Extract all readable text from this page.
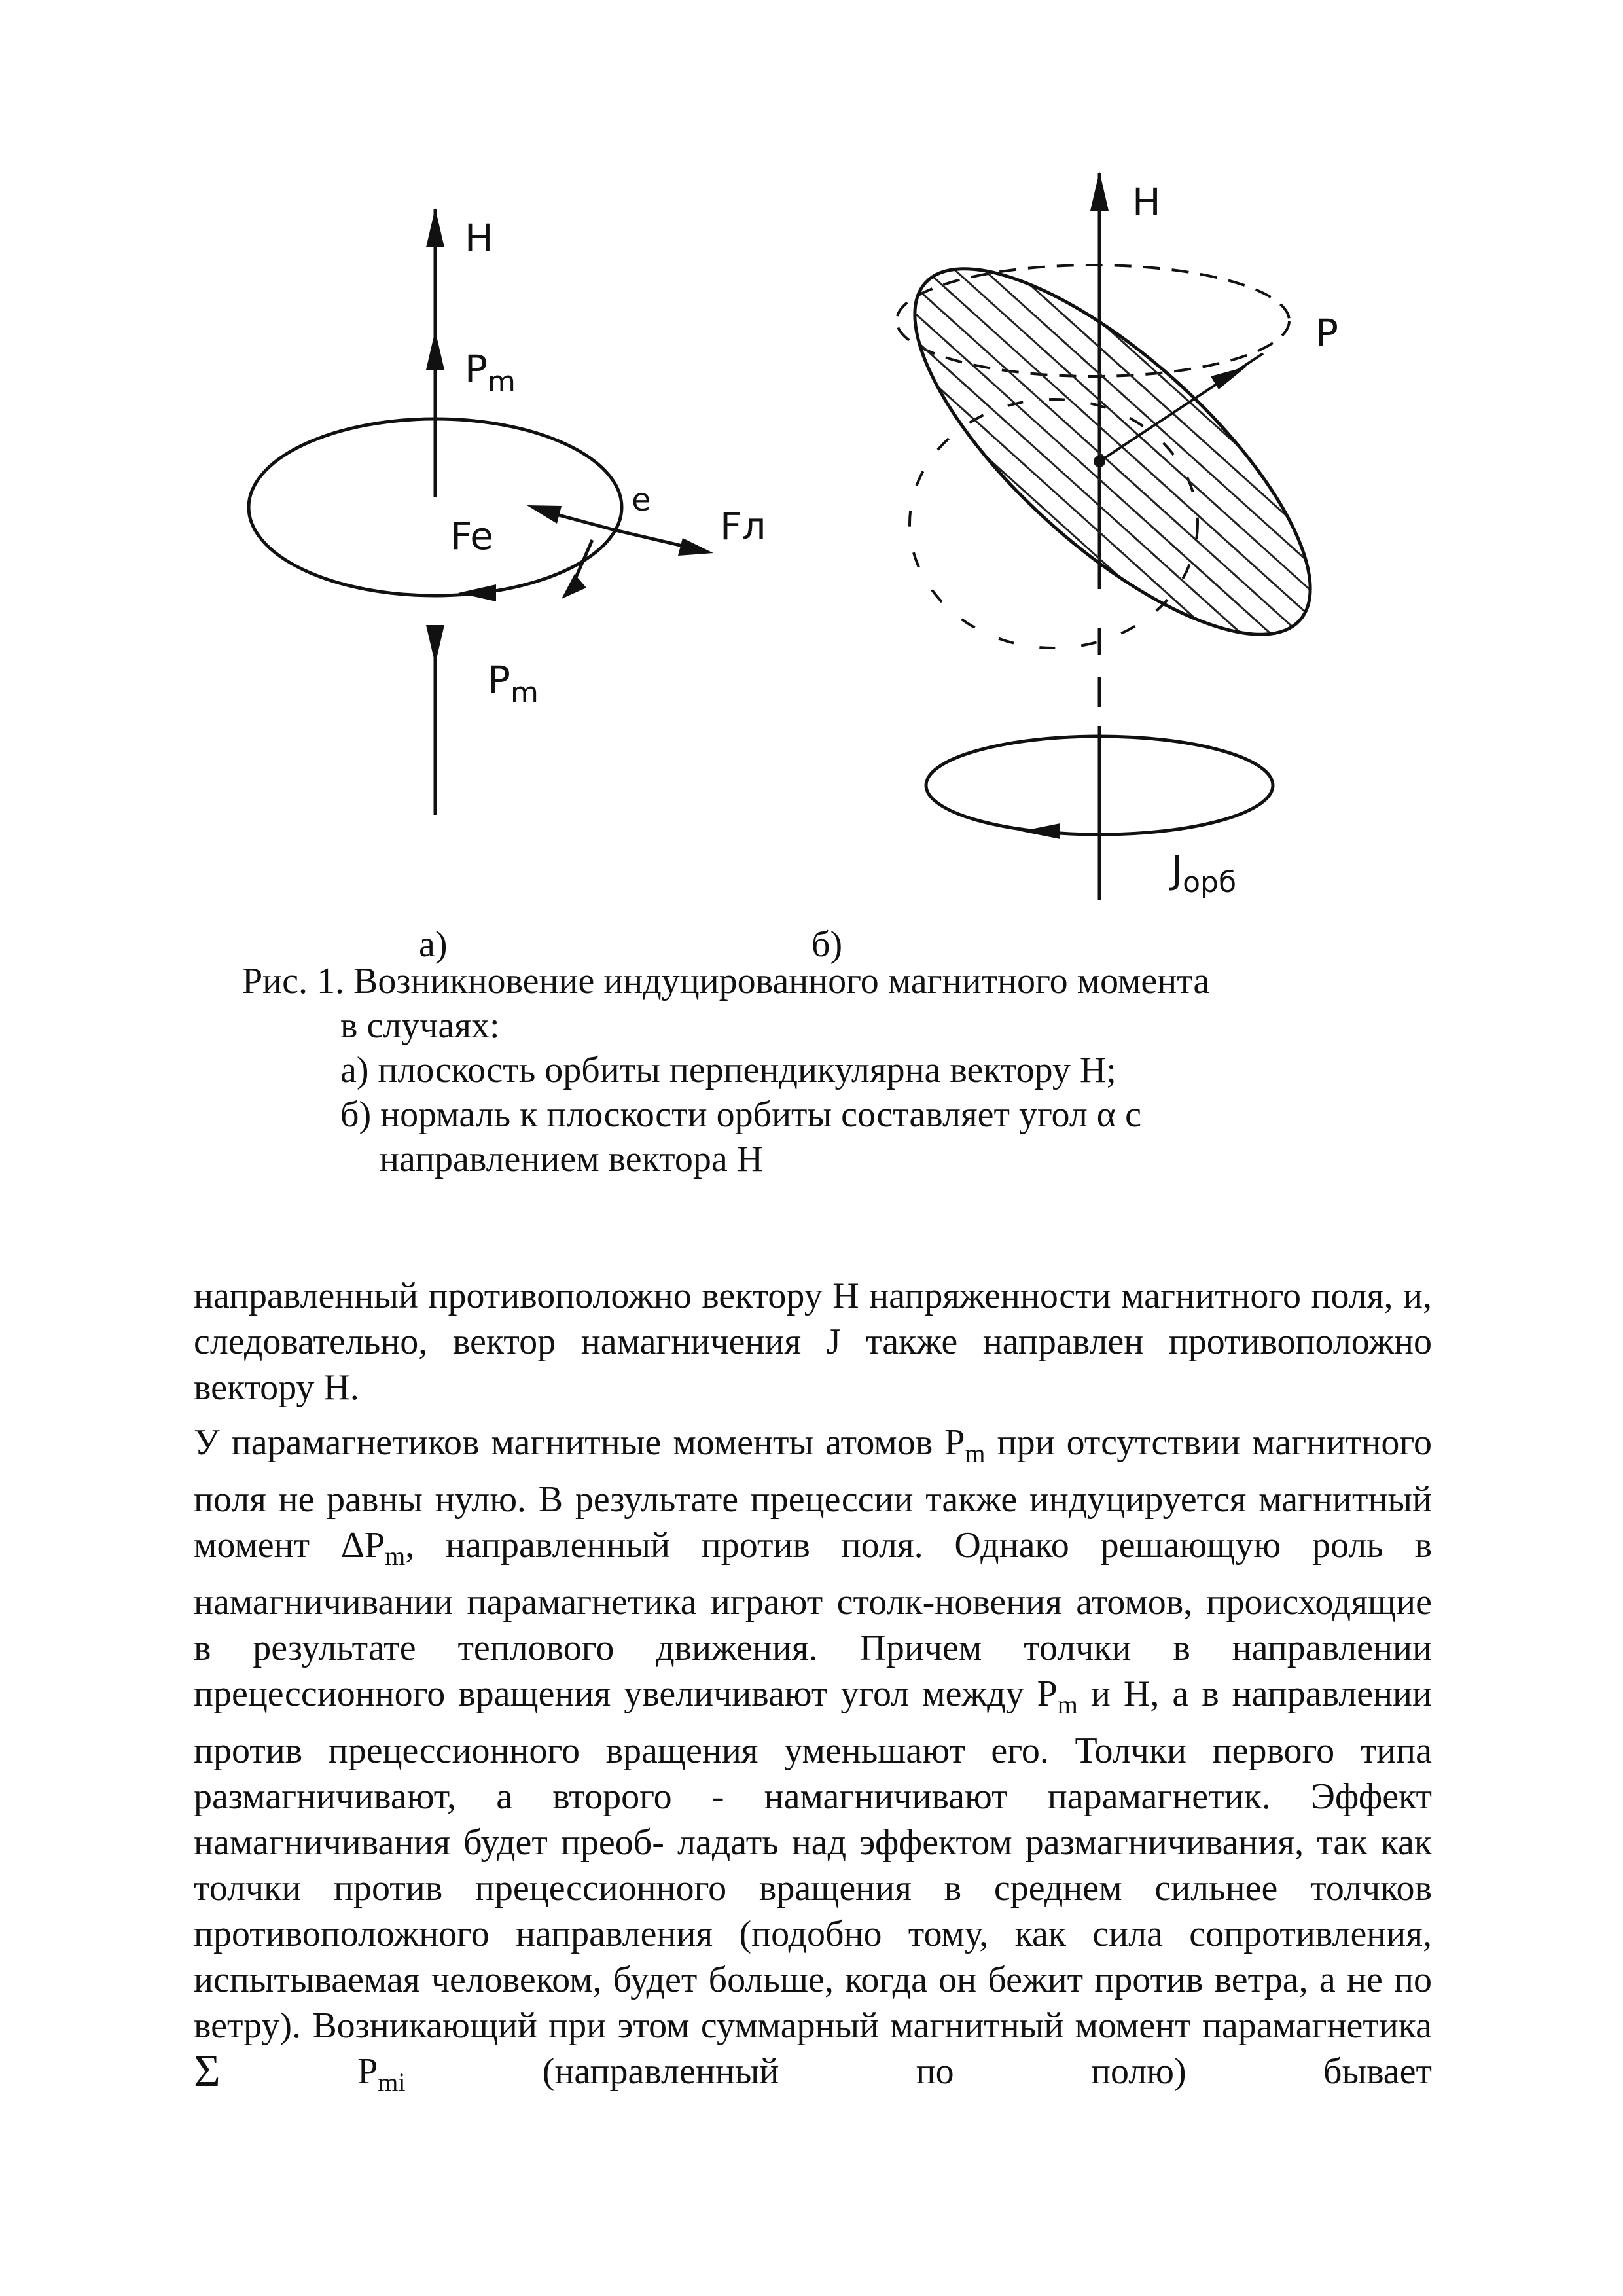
H
$P_m$
e
Fe	Fл
$P_m$
H
P
$J_{орб}$
а)	б)
Рис. 1. Возникновение индуцированного магнитного момента
в случаях:
а) плоскость орбиты перпендикулярна вектору Н;
б) нормаль к плоскости орбиты составляет угол α с
направлением вектора Н

направленный противоположно вектору Н напряженности магнитного поля, и, следовательно, вектор намагничения J также направлен противоположно вектору Н.

У парамагнетиков магнитные моменты атомов $P_m$ при отсутствии магнитного поля не равны нулю. В результате прецессии также индуцируется магнитный момент $\Delta P_m$, направленный против поля. Однако решающую роль в намагничивании парамагнетика играют столк-новения атомов, происходящие в результате теплового движения. Причем толчки в направлении прецессионного вращения увеличивают угол между $P_m$ и H, а в направлении против прецессионного вращения уменьшают его. Толчки первого типа размагничивают, а второго - намагничивают парамагнетик. Эффект намагничивания будет преоб- ладать над эффектом размагничивания, так как толчки против прецессионного вращения в среднем сильнее толчков противоположного направления (подобно тому, как сила сопротивления, испытываемая человеком, будет больше, когда он бежит против ветра, а не по ветру). Возникающий при этом суммарный магнитный момент парамагнетика Σ $P_{mi}$ (направленный по полю) бывает
